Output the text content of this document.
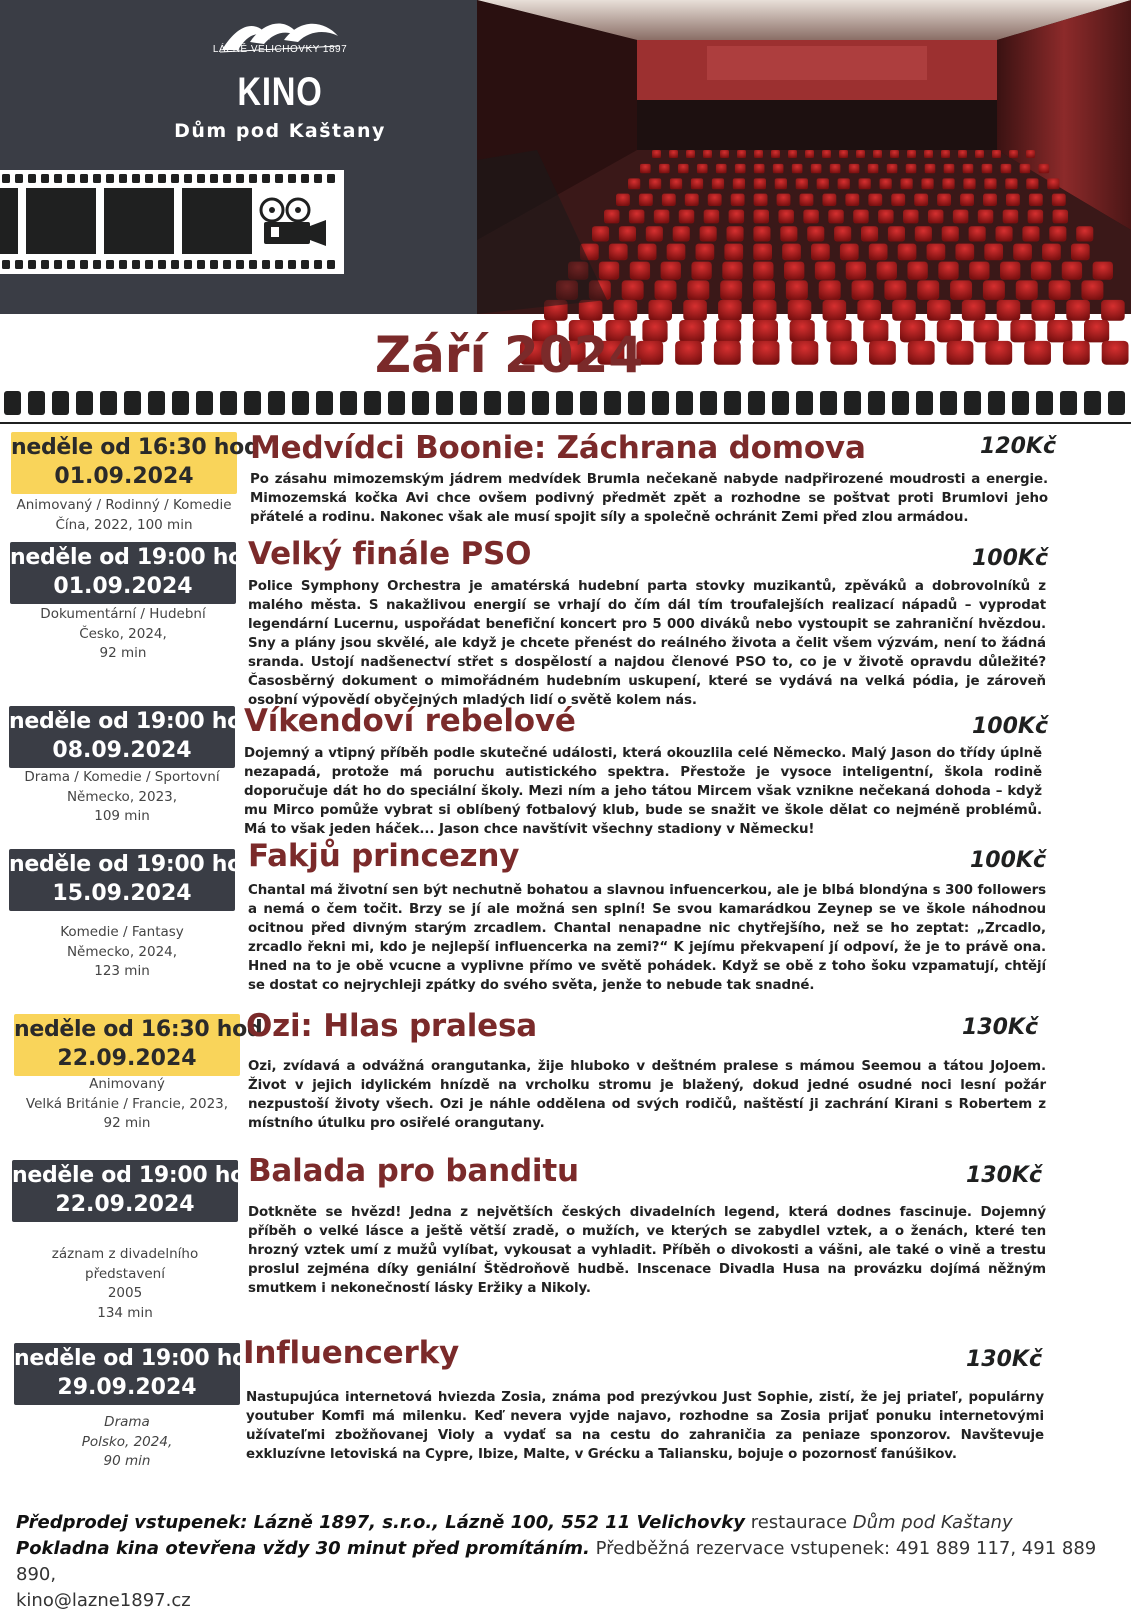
LÁZNĚ VELICHOVKY 1897
KINO
Dům pod Kaštany
Září 2024
neděle od 16:30 hod
01.09.2024
Animovaný / Rodinný / Komedie
Čína, 2022, 100 min
Medvídci Boonie: Záchrana domova	120Kč
Po zásahu mimozemským jádrem medvídek Brumla nečekaně nabyde nadpřirozené moudrosti a energie. Mimozemská kočka Avi chce ovšem podivný předmět zpět a rozhodne se poštvat proti Brumlovi jeho přátelé a rodinu. Nakonec však ale musí spojit síly a společně ochránit Zemi před zlou armádou.
neděle od 19:00 hod
01.09.2024
Dokumentární / Hudební
Česko, 2024,
92 min
Velký finále PSO	100Kč
Police Symphony Orchestra je amatérská hudební parta stovky muzikantů, zpěváků a dobrovolníků z malého města. S nakažlivou energií se vrhají do čím dál tím troufalejších realizací nápadů – vyprodat legendární Lucernu, uspořádat benefiční koncert pro 5 000 diváků nebo vystoupit se zahraniční hvězdou. Sny a plány jsou skvělé, ale když je chcete přenést do reálného života a čelit všem výzvám, není to žádná sranda. Ustojí nadšenectví střet s dospělostí a najdou členové PSO to, co je v životě opravdu důležité? Časosběrný dokument o mimořádném hudebním uskupení, které se vydává na velká pódia, je zároveň osobní výpovědí obyčejných mladých lidí o světě kolem nás.
neděle od 19:00 hod
08.09.2024
Drama / Komedie / Sportovní
Německo, 2023,
109 min
Víkendoví rebelové	100Kč
Dojemný a vtipný příběh podle skutečné události, která okouzlila celé Německo. Malý Jason do třídy úplně nezapadá, protože má poruchu autistického spektra. Přestože je vysoce inteligentní, škola rodině doporučuje dát ho do speciální školy. Mezi ním a jeho tátou Mircem však vznikne nečekaná dohoda – když mu Mirco pomůže vybrat si oblíbený fotbalový klub, bude se snažit ve škole dělat co nejméně problémů. Má to však jeden háček... Jason chce navštívit všechny stadiony v Německu!
neděle od 19:00 hod
15.09.2024
Komedie / Fantasy
Německo, 2024,
123 min
Fakjů princezny	100Kč
Chantal má životní sen být nechutně bohatou a slavnou infuencerkou, ale je blbá blondýna s 300 followers a nemá o čem točit. Brzy se jí ale možná sen splní! Se svou kamarádkou Zeynep se ve škole náhodnou ocitnou před divným starým zrcadlem. Chantal nenapadne nic chytřejšího, než se ho zeptat: „Zrcadlo, zrcadlo řekni mi, kdo je nejlepší influencerka na zemi?“ K jejímu překvapení jí odpoví, že je to právě ona. Hned na to je obě vcucne a vyplivne přímo ve světě pohádek. Když se obě z toho šoku vzpamatují, chtějí se dostat co nejrychleji zpátky do svého světa, jenže to nebude tak snadné.
neděle od 16:30 hod
22.09.2024
Animovaný
Velká Británie / Francie, 2023,
92 min
Ozi: Hlas pralesa	130Kč
Ozi, zvídavá a odvážná orangutanka, žije hluboko v deštném pralese s mámou Seemou a tátou JoJoem. Život v jejich idylickém hnízdě na vrcholku stromu je blažený, dokud jedné osudné noci lesní požár nezpustoší životy všech. Ozi je náhle oddělena od svých rodičů, naštěstí ji zachrání Kirani s Robertem z místního útulku pro osiřelé orangutany.
neděle od 19:00 hod
22.09.2024
záznam z divadelního představení
2005
134 min
Balada pro banditu	130Kč
Dotkněte se hvězd! Jedna z největších českých divadelních legend, která dodnes fascinuje. Dojemný příběh o velké lásce a ještě větší zradě, o mužích, ve kterých se zabydlel vztek, a o ženách, které ten hrozný vztek umí z mužů vylíbat, vykousat a vyhladit. Příběh o divokosti a vášni, ale také o vině a trestu proslul zejména díky geniální Štědroňově hudbě. Inscenace Divadla Husa na provázku dojímá něžným smutkem i nekonečností lásky Eržiky a Nikoly.
neděle od 19:00 hod
29.09.2024
Drama
Polsko, 2024,
90 min
Influencerky	130Kč
Nastupujúca internetová hviezda Zosia, známa pod prezývkou Just Sophie, zistí, že jej priateľ, populárny youtuber Komfi má milenku. Keď nevera vyjde najavo, rozhodne sa Zosia prijať ponuku internetovými užívateľmi zbožňovanej Violy a vydať sa na cestu do zahraničia za peniaze sponzorov. Navštevuje exkluzívne letoviská na Cypre, Ibize, Malte, v Grécku a Taliansku, bojuje o pozornosť fanúšikov.
Předprodej vstupenek: Lázně 1897, s.r.o., Lázně 100, 552 11 Velichovky restaurace Dům pod Kaštany
Pokladna kina otevřena vždy 30 minut před promítáním. Předběžná rezervace vstupenek: 491 889 117, 491 889 890,
kino@lazne1897.cz
